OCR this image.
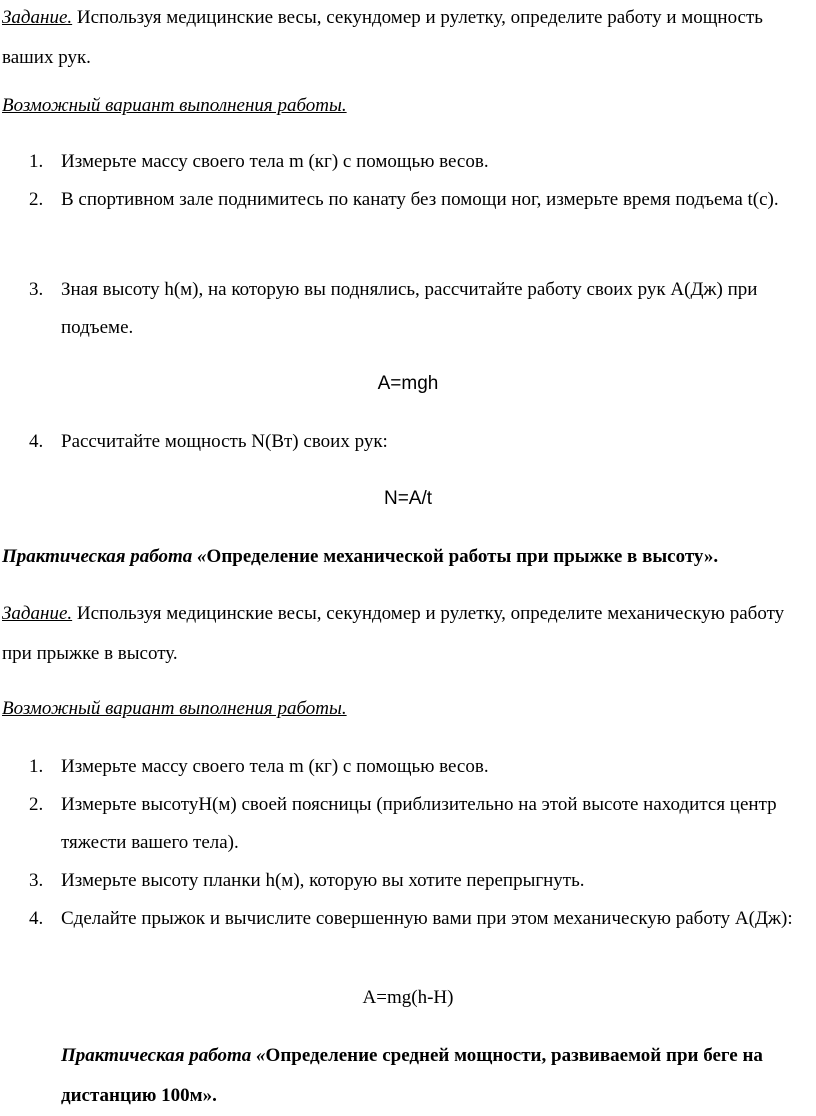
Задание. Используя медицинские весы, секундомер и рулетку, определите работу и мощность ваших рук.

Возможный вариант выполнения работы.

1. Измерьте массу своего тела m (кг) с помощью весов.
2. В спортивном зале поднимитесь по канату без помощи ног, измерьте время подъема t(с).
3. Зная высоту h(м), на которую вы поднялись, рассчитайте работу своих рук А(Дж) при подъеме.
A=mgh
4. Рассчитайте мощность N(Вт) своих рук:
N=A/t

Практическая работа «Определение механической работы при прыжке в высоту».

Задание. Используя медицинские весы, секундомер и рулетку, определите механическую работу при прыжке в высоту.

Возможный вариант выполнения работы.

1. Измерьте массу своего тела m (кг) с помощью весов.
2. Измерьте высотуH(м) своей поясницы (приблизительно на этой высоте находится центр тяжести вашего тела).
3. Измерьте высоту планки h(м), которую вы хотите перепрыгнуть.
4. Сделайте прыжок и вычислите совершенную вами при этом механическую работу А(Дж):
A=mg(h-H)

Практическая работа «Определение средней мощности, развиваемой при беге на дистанцию 100м».
